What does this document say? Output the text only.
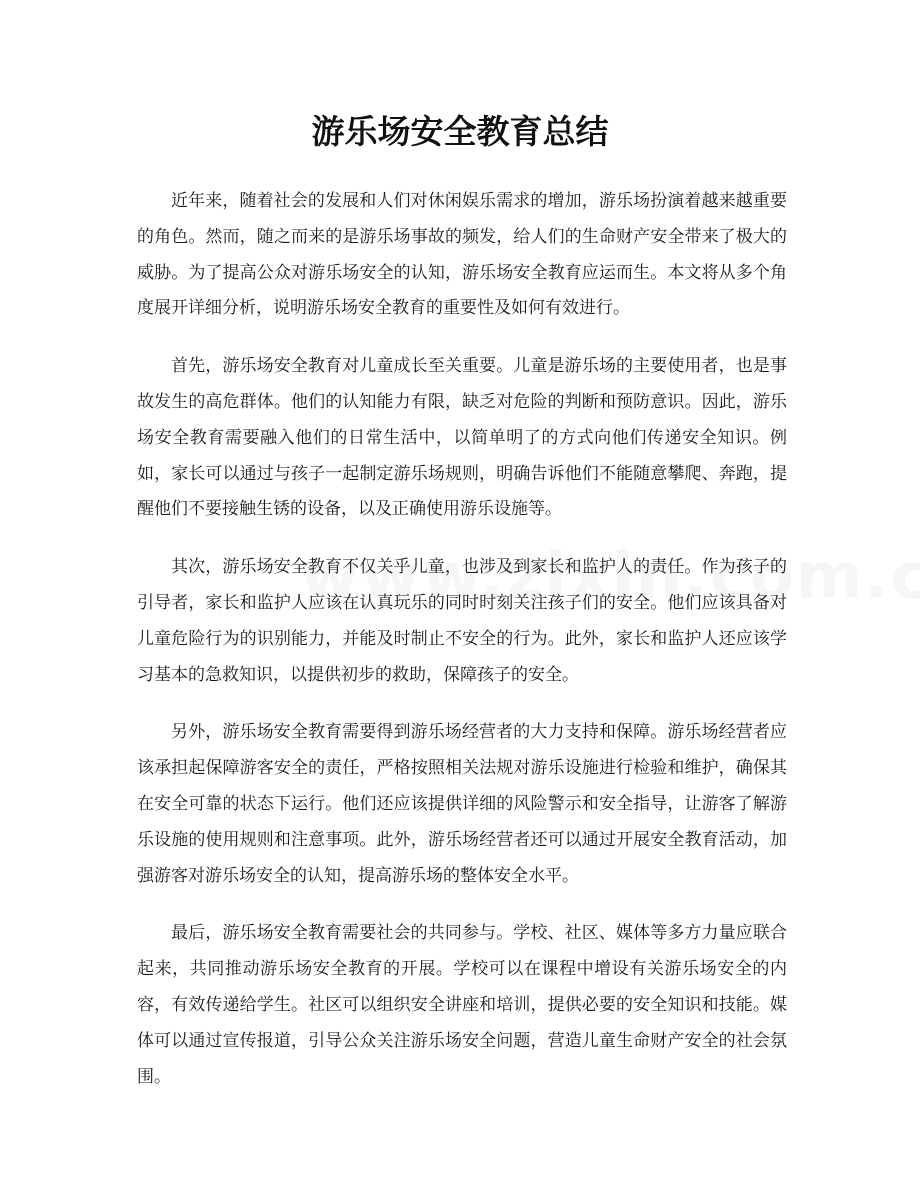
游乐场安全教育总结

近年来，随着社会的发展和人们对休闲娱乐需求的增加，游乐场扮演着越来越重要的角色。然而，随之而来的是游乐场事故的频发，给人们的生命财产安全带来了极大的威胁。为了提高公众对游乐场安全的认知，游乐场安全教育应运而生。本文将从多个角度展开详细分析，说明游乐场安全教育的重要性及如何有效进行。

首先，游乐场安全教育对儿童成长至关重要。儿童是游乐场的主要使用者，也是事故发生的高危群体。他们的认知能力有限，缺乏对危险的判断和预防意识。因此，游乐场安全教育需要融入他们的日常生活中，以简单明了的方式向他们传递安全知识。例如，家长可以通过与孩子一起制定游乐场规则，明确告诉他们不能随意攀爬、奔跑，提醒他们不要接触生锈的设备，以及正确使用游乐设施等。

其次，游乐场安全教育不仅关乎儿童，也涉及到家长和监护人的责任。作为孩子的引导者，家长和监护人应该在认真玩乐的同时时刻关注孩子们的安全。他们应该具备对儿童危险行为的识别能力，并能及时制止不安全的行为。此外，家长和监护人还应该学习基本的急救知识，以提供初步的救助，保障孩子的安全。

另外，游乐场安全教育需要得到游乐场经营者的大力支持和保障。游乐场经营者应该承担起保障游客安全的责任，严格按照相关法规对游乐设施进行检验和维护，确保其在安全可靠的状态下运行。他们还应该提供详细的风险警示和安全指导，让游客了解游乐设施的使用规则和注意事项。此外，游乐场经营者还可以通过开展安全教育活动，加强游客对游乐场安全的认知，提高游乐场的整体安全水平。

最后，游乐场安全教育需要社会的共同参与。学校、社区、媒体等多方力量应联合起来，共同推动游乐场安全教育的开展。学校可以在课程中增设有关游乐场安全的内容，有效传递给学生。社区可以组织安全讲座和培训，提供必要的安全知识和技能。媒体可以通过宣传报道，引导公众关注游乐场安全问题，营造儿童生命财产安全的社会氛围。
